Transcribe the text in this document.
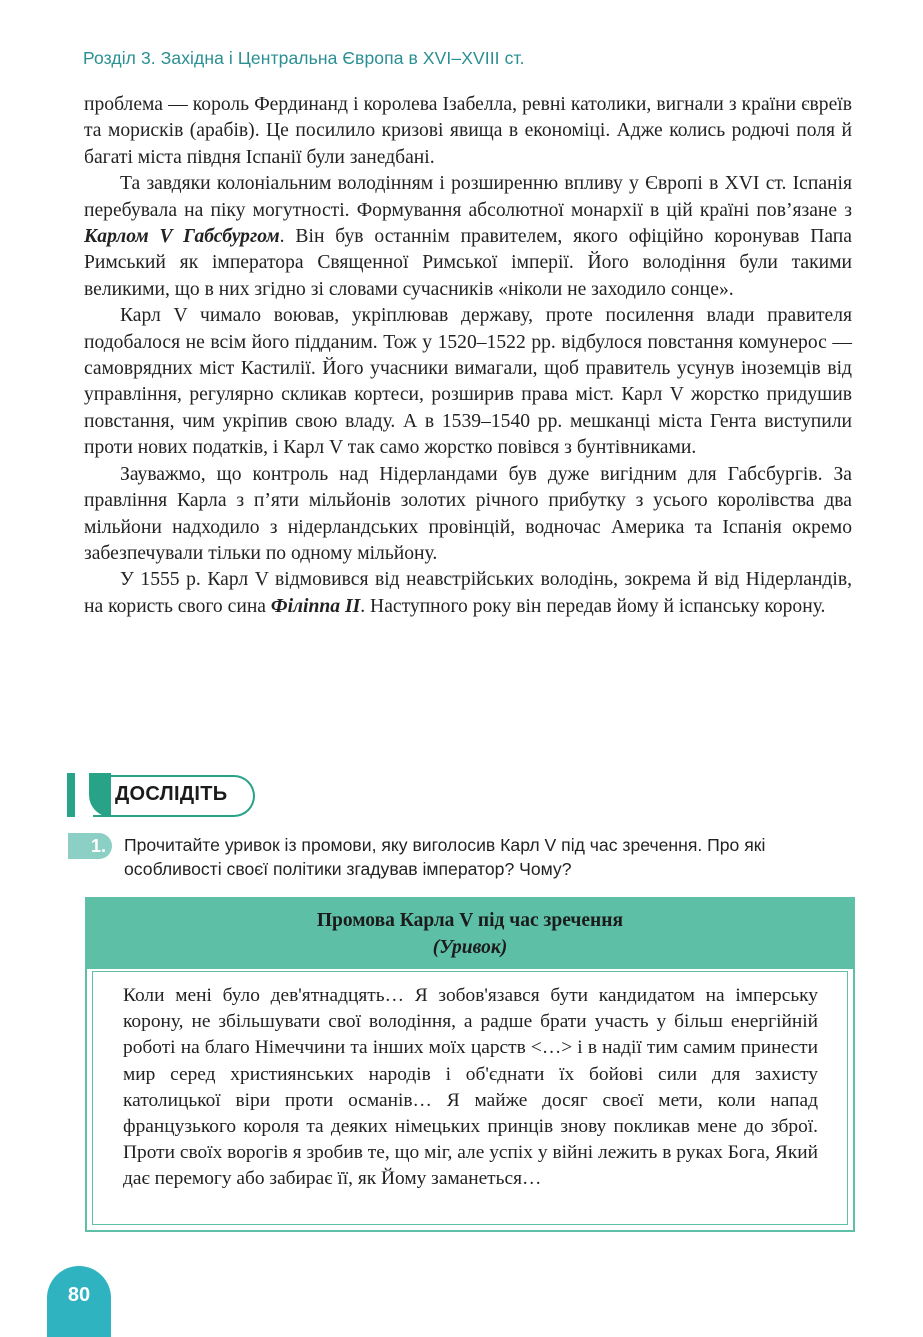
Розділ 3. Західна і Центральна Європа в XVI–XVIII ст.

проблема — король Фердинанд і королева Ізабелла, ревні католики, вигнали з країни євреїв та морисків (арабів). Це посилило кризові явища в економіці. Адже колись родючі поля й багаті міста півдня Іспанії були занедбані.

Та завдяки колоніальним володінням і розширенню впливу у Європі в XVI ст. Іспанія перебувала на піку могутності. Формування абсолютної монархії в цій країні пов’язане з Карлом V Габсбургом. Він був останнім правителем, якого офіційно коронував Папа Римський як імператора Священної Римської імперії. Його володіння були такими великими, що в них згідно зі словами сучасників «ніколи не заходило сонце».

Карл V чимало воював, укріплював державу, проте посилення влади правителя подобалося не всім його підданим. Тож у 1520–1522 рр. відбулося повстання комунерос — самоврядних міст Кастилії. Його учасники вимагали, щоб правитель усунув іноземців від управління, регулярно скликав кортеси, розширив права міст. Карл V жорстко придушив повстання, чим укріпив свою владу. А в 1539–1540 рр. мешканці міста Гента виступили проти нових податків, і Карл V так само жорстко повівся з бунтівниками.

Зауважмо, що контроль над Нідерландами був дуже вигідним для Габсбургів. За правління Карла з п’яти мільйонів золотих річного прибутку з усього королівства два мільйони надходило з нідерландських провінцій, водночас Америка та Іспанія окремо забезпечували тільки по одному мільйону.

У 1555 р. Карл V відмовився від неавстрійських володінь, зокрема й від Нідерландів, на користь свого сина Філіппа II. Наступного року він передав йому й іспанську корону.

ДОСЛІДІТЬ
1.	Прочитайте уривок із промови, яку виголосив Карл V під час зречення. Про які особливості своєї політики згадував імператор? Чому?
Промова Карла V під час зречення
(Уривок)
Коли мені було дев'ятнадцять… Я зобов'язався бути кандидатом на імперську корону, не збільшувати свої володіння, а радше брати участь у більш енергійній роботі на благо Німеччини та інших моїх царств <…> і в надії тим самим принести мир серед християнських народів і об'єднати їх бойові сили для захисту католицької віри проти османів… Я майже досяг своєї мети, коли напад французького короля та деяких німецьких принців знову покликав мене до зброї. Проти своїх ворогів я зробив те, що міг, але успіх у війні лежить в руках Бога, Який дає перемогу або забирає її, як Йому заманеться…
80
